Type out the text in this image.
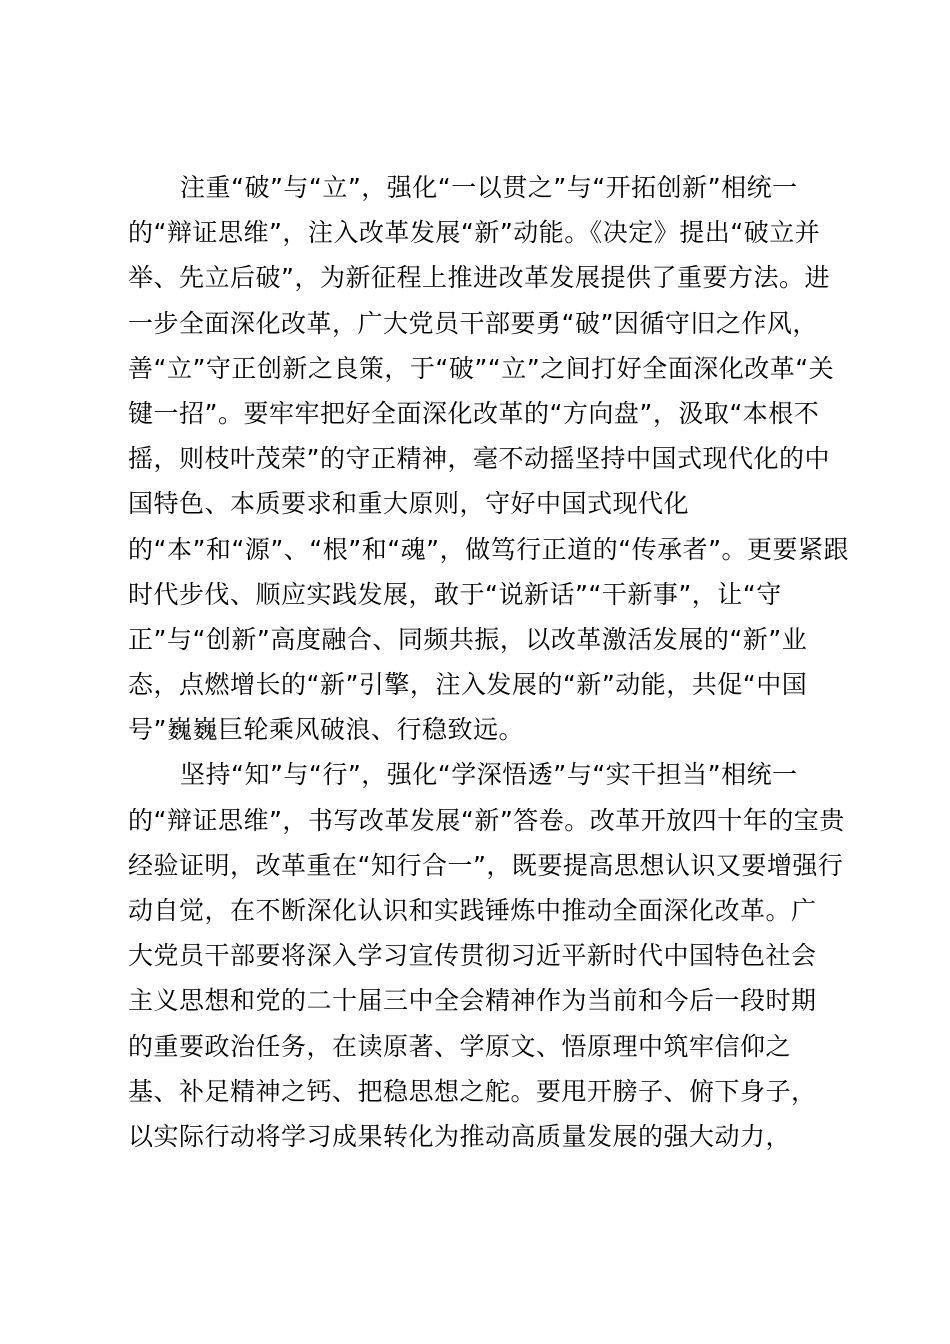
注重“破”与“立”，强化“一以贯之”与“开拓创新”相统一
的“辩证思维”，注入改革发展“新”动能。《决定》提出“破立并
举、先立后破”，为新征程上推进改革发展提供了重要方法。进
一步全面深化改革，广大党员干部要勇“破”因循守旧之作风，
善“立”守正创新之良策，于“破”“立”之间打好全面深化改革“关
键一招”。要牢牢把好全面深化改革的“方向盘”，汲取“本根不
摇，则枝叶茂荣”的守正精神，毫不动摇坚持中国式现代化的中
国特色、本质要求和重大原则，守好中国式现代化
的“本”和“源”、“根”和“魂”，做笃行正道的“传承者”。更要紧跟
时代步伐、顺应实践发展，敢于“说新话”“干新事”，让“守
正”与“创新”高度融合、同频共振，以改革激活发展的“新”业
态，点燃增长的“新”引擎，注入发展的“新”动能，共促“中国
号”巍巍巨轮乘风破浪、行稳致远。
坚持“知”与“行”，强化“学深悟透”与“实干担当”相统一
的“辩证思维”，书写改革发展“新”答卷。改革开放四十年的宝贵
经验证明，改革重在“知行合一”，既要提高思想认识又要增强行
动自觉，在不断深化认识和实践锤炼中推动全面深化改革。广
大党员干部要将深入学习宣传贯彻习近平新时代中国特色社会
主义思想和党的二十届三中全会精神作为当前和今后一段时期
的重要政治任务，在读原著、学原文、悟原理中筑牢信仰之
基、补足精神之钙、把稳思想之舵。要甩开膀子、俯下身子，
以实际行动将学习成果转化为推动高质量发展的强大动力，
